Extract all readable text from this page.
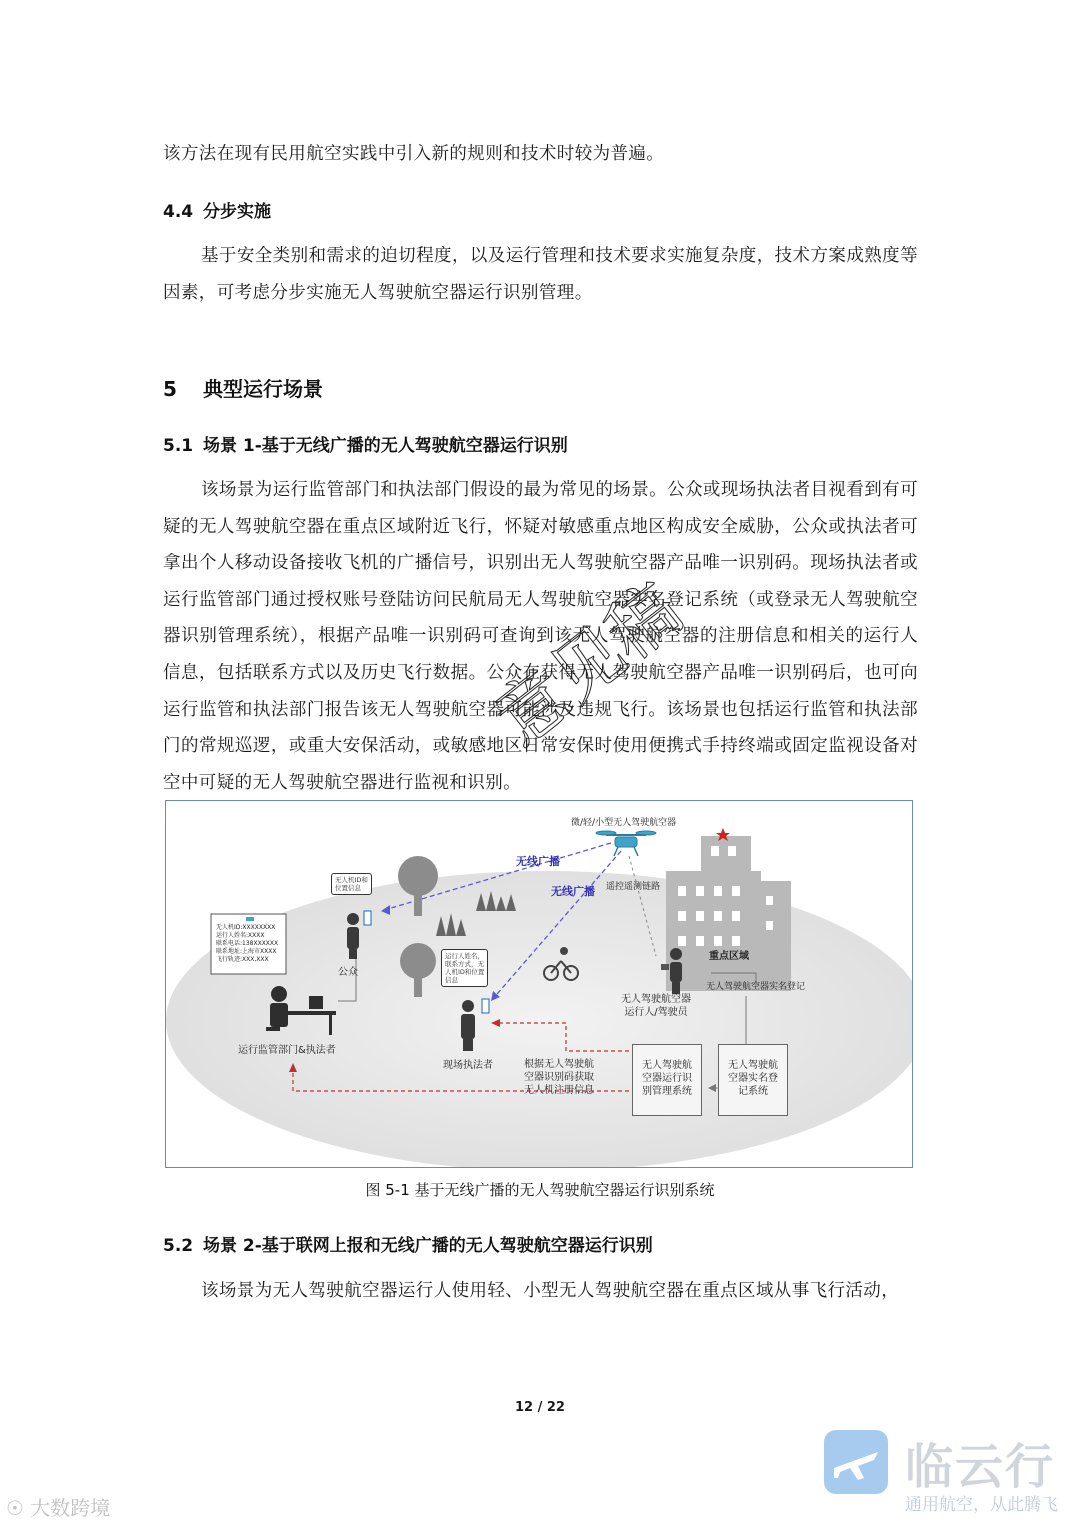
该方法在现有民用航空实践中引入新的规则和技术时较为普遍。

4.4 分步实施

基于安全类别和需求的迫切程度，以及运行管理和技术要求实施复杂度，技术方案成熟度等因素，可考虑分步实施无人驾驶航空器运行识别管理。

5 典型运行场景
5.1 场景 1-基于无线广播的无人驾驶航空器运行识别

该场景为运行监管部门和执法部门假设的最为常见的场景。公众或现场执法者目视看到有可疑的无人驾驶航空器在重点区域附近飞行，怀疑对敏感重点地区构成安全威胁，公众或执法者可拿出个人移动设备接收飞机的广播信号，识别出无人驾驶航空器产品唯一识别码。现场执法者或运行监管部门通过授权账号登陆访问民航局无人驾驶航空器实名登记系统（或登录无人驾驶航空器识别管理系统），根据产品唯一识别码可查询到该无人驾驶航空器的注册信息和相关的运行人信息，包括联系方式以及历史飞行数据。公众在获得无人驾驶航空器产品唯一识别码后，也可向运行监管和执法部门报告该无人驾驶航空器可能涉及违规飞行。该场景也包括运行监管和执法部门的常规巡逻，或重大安保活动，或敏感地区日常安保时使用便携式手持终端或固定监视设备对空中可疑的无人驾驶航空器进行监视和识别。

微/轻/小型无人驾驶航空器
无线广播
无线广播 遥控遥测链路
重点区域
公众
无人机ID和
位置信息
运行人姓名，
联系方式，无
人机ID和位置
信息
现场执法者
无人驾驶航空器
运行人/驾驶员
无人驾驶航空器实名登记
运行监管部门&执法者
根据无人驾驶航
空器识别码获取
无人机注册信息
无人驾驶航
空器运行识
别管理系统
无人驾驶航
空器实名登
记系统
无人机ID:XXXXXXXX
运行人姓名:XXXX
联系电话:138XXXXXX
联系地址:上海市XXXX
飞行轨迹:XXX,XXX
图 5-1 基于无线广播的无人驾驶航空器运行识别系统
5.2 场景 2-基于联网上报和无线广播的无人驾驶航空器运行识别

该场景为无人驾驶航空器运行人使用轻、小型无人驾驶航空器在重点区域从事飞行活动，

12 / 22
意见稿
☉ 大数跨境
临云行
通用航空，从此腾飞
